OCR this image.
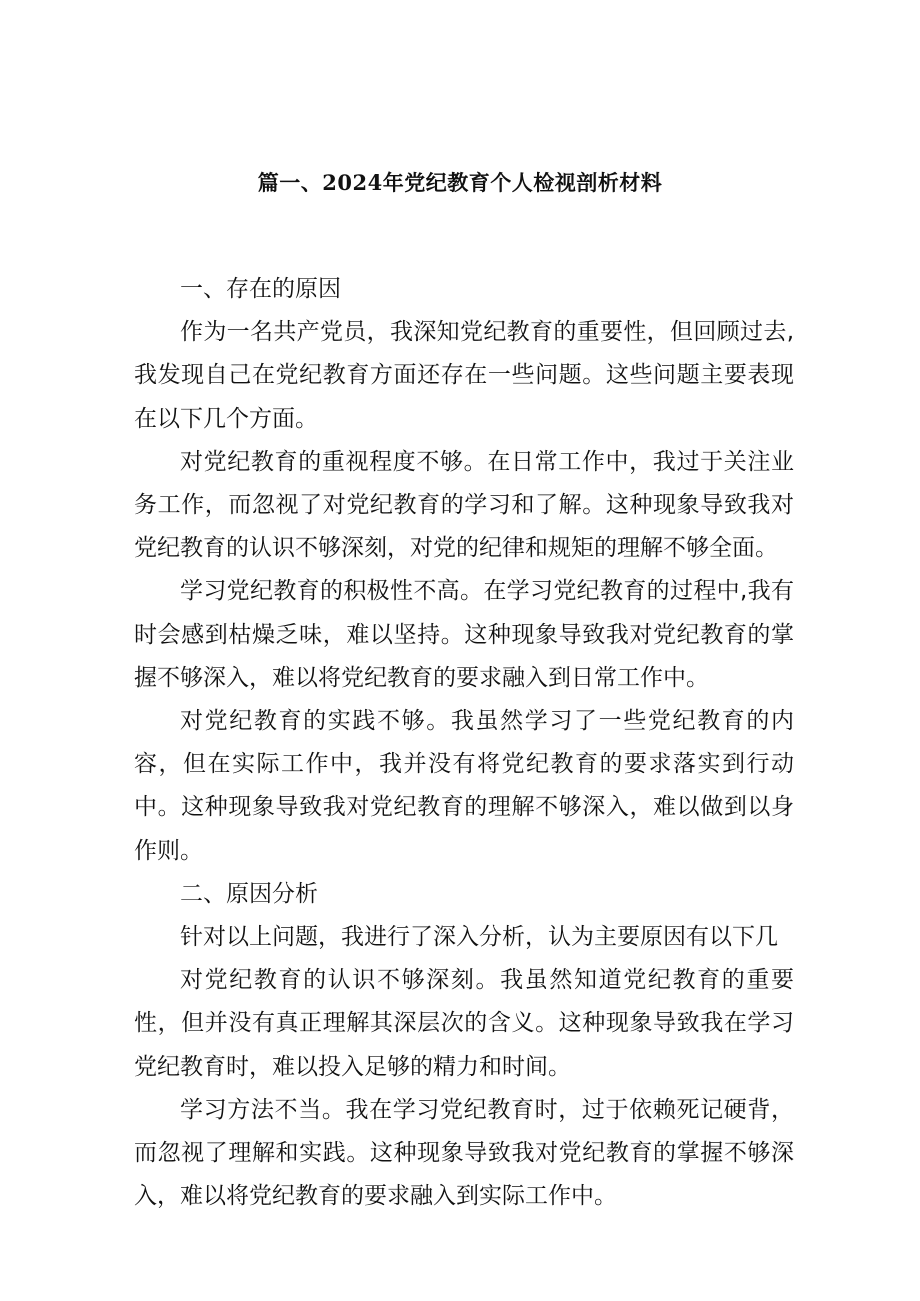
篇一、2024年党纪教育个人检视剖析材料

一、存在的原因

作为一名共产党员，我深知党纪教育的重要性，但回顾过去,我发现自己在党纪教育方面还存在一些问题。这些问题主要表现在以下几个方面。

对党纪教育的重视程度不够。在日常工作中，我过于关注业务工作，而忽视了对党纪教育的学习和了解。这种现象导致我对党纪教育的认识不够深刻，对党的纪律和规矩的理解不够全面。

学习党纪教育的积极性不高。在学习党纪教育的过程中,我有时会感到枯燥乏味，难以坚持。这种现象导致我对党纪教育的掌握不够深入，难以将党纪教育的要求融入到日常工作中。

对党纪教育的实践不够。我虽然学习了一些党纪教育的内容，但在实际工作中，我并没有将党纪教育的要求落实到行动中。这种现象导致我对党纪教育的理解不够深入，难以做到以身作则。

二、原因分析

针对以上问题，我进行了深入分析，认为主要原因有以下几

对党纪教育的认识不够深刻。我虽然知道党纪教育的重要性，但并没有真正理解其深层次的含义。这种现象导致我在学习党纪教育时，难以投入足够的精力和时间。

学习方法不当。我在学习党纪教育时，过于依赖死记硬背，而忽视了理解和实践。这种现象导致我对党纪教育的掌握不够深入，难以将党纪教育的要求融入到实际工作中。
